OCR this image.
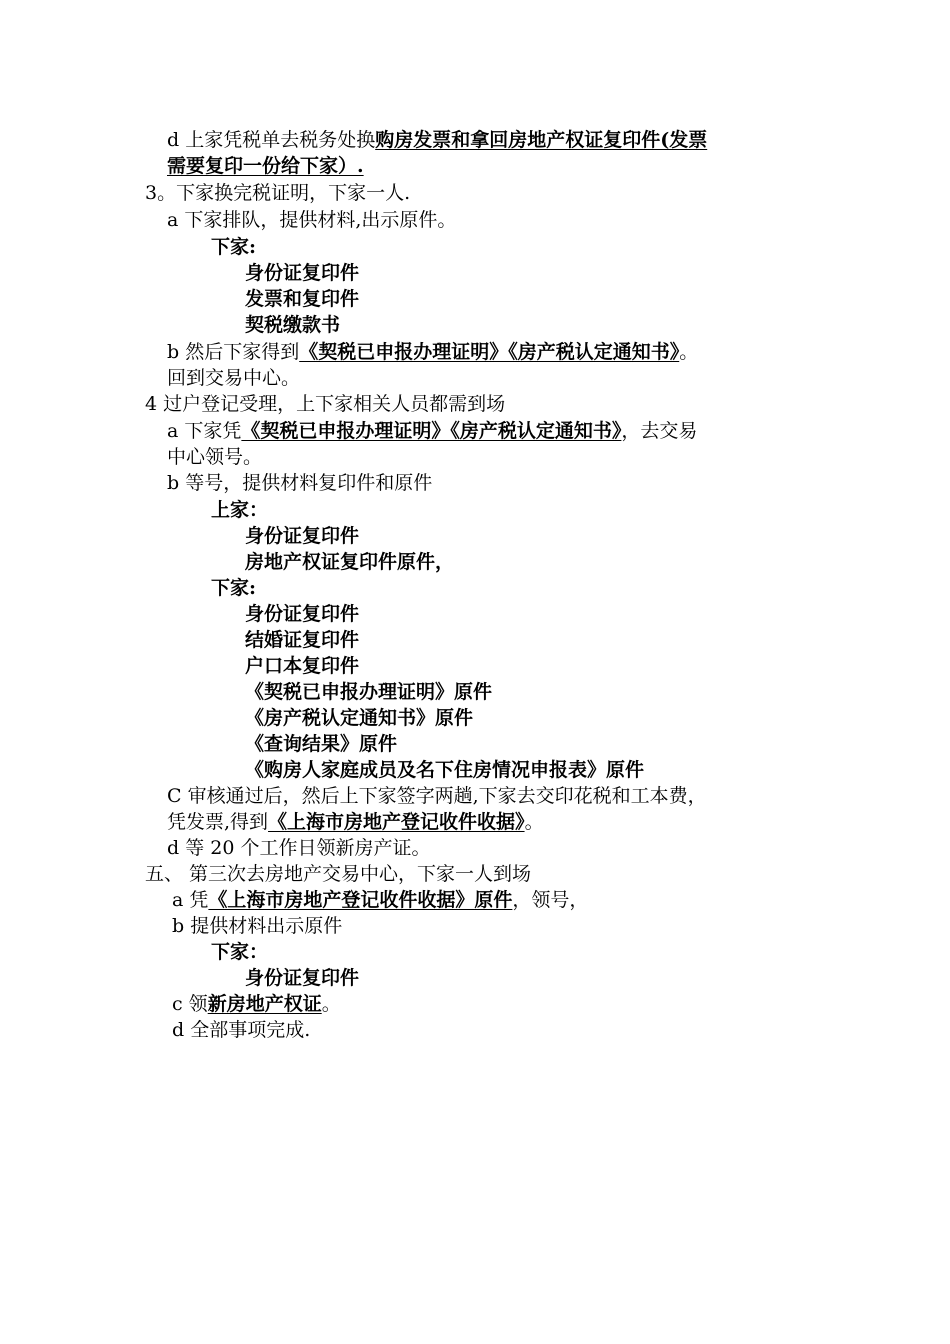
d 上家凭税单去税务处换购房发票和拿回房地产权证复印件(发票
需要复印一份给下家）.
3。下家换完税证明，下家一人.
a 下家排队，提供材料,出示原件。
下家:
身份证复印件
发票和复印件
契税缴款书
b 然后下家得到《契税已申报办理证明》《房产税认定通知书》。
回到交易中心。
4 过户登记受理，上下家相关人员都需到场
a 下家凭《契税已申报办理证明》《房产税认定通知书》，去交易
中心领号。
b 等号，提供材料复印件和原件
上家：
身份证复印件
房地产权证复印件原件，
下家:
身份证复印件
结婚证复印件
户口本复印件
《契税已申报办理证明》原件
《房产税认定通知书》原件
《查询结果》原件
《购房人家庭成员及名下住房情况申报表》原件
C 审核通过后，然后上下家签字两趟,下家去交印花税和工本费，
凭发票,得到《上海市房地产登记收件收据》。
d 等 20 个工作日领新房产证。
五、 第三次去房地产交易中心，下家一人到场
a 凭《上海市房地产登记收件收据》原件，领号，
b 提供材料出示原件
下家：
身份证复印件
c 领新房地产权证。
d 全部事项完成.
